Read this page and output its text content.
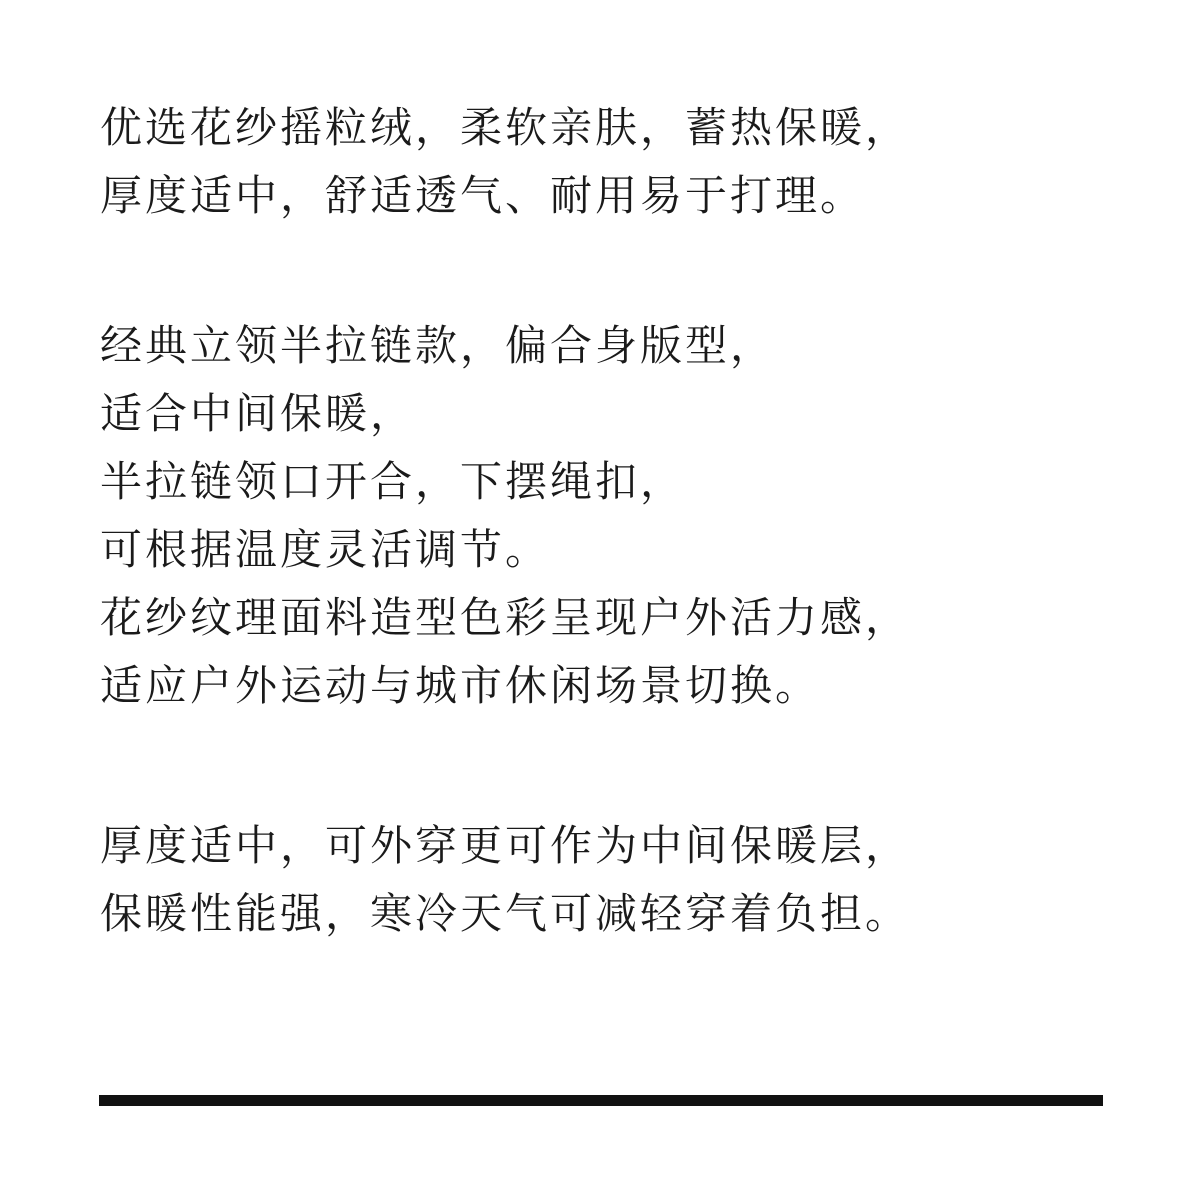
优选花纱摇粒绒，柔软亲肤，蓄热保暖，
厚度适中，舒适透气、耐用易于打理。
经典立领半拉链款，偏合身版型，
适合中间保暖，
半拉链领口开合，下摆绳扣，
可根据温度灵活调节。
花纱纹理面料造型色彩呈现户外活力感，
适应户外运动与城市休闲场景切换。
厚度适中，可外穿更可作为中间保暖层，
保暖性能强，寒冷天气可减轻穿着负担。
